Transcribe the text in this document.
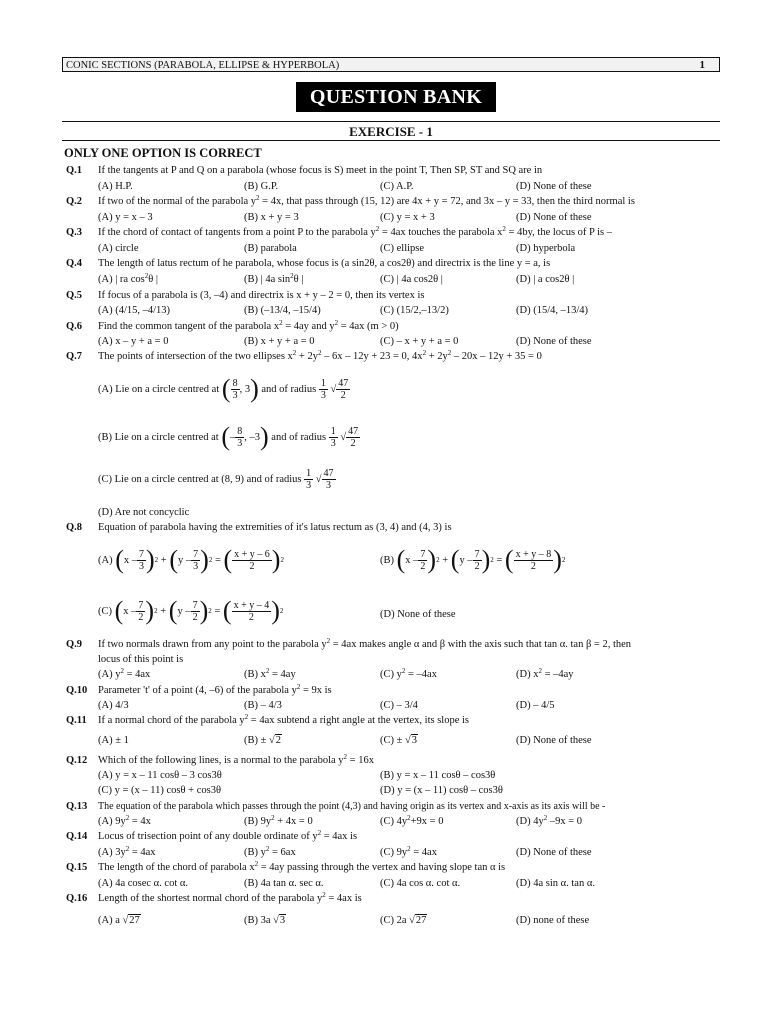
CONIC SECTIONS (PARABOLA, ELLIPSE & HYPERBOLA)	1
QUESTION BANK
EXERCISE - 1
ONLY ONE OPTION IS CORRECT
Q.1 If the tangents at P and Q on a parabola (whose focus is S) meet in the point T, Then SP, ST and SQ are in
(A) H.P.	(B) G.P.	(C) A.P.	(D) None of these
Q.2 If two of the normal of the parabola $y^2 = 4x$, that pass through (15, 12) are 4x + y = 72, and 3x – y = 33, then the third normal is
(A) y = x – 3	(B) x + y = 3	(C) y = x + 3	(D) None of these
Q.3 If the chord of contact of tangents from a point P to the parabola $y^2 = 4ax$ touches the parabola $x^2 = 4by$, the locus of P is –
(A) circle	(B) parabola	(C) ellipse	(D) hyperbola
Q.4 The length of latus rectum of he parabola, whose focus is (a sin2θ, a cos2θ) and directrix is the line y = a, is
(A) | ra $\cos^2\theta$ |	(B) | 4a $\sin^2\theta$ |	(C) | 4a cos2θ |	(D) | a cos2θ |
Q.5 If focus of a parabola is (3, –4) and directrix is x + y – 2 = 0, then its vertex is
(A) (4/15, –4/13)	(B) (–13/4, –15/4)	(C) (15/2,–13/2)	(D) (15/4, –13/4)
Q.6 Find the common tangent of the parabola $x^2 = 4ay$ and $y^2 = 4ax$ (m > 0)
(A) x – y + a = 0	(B) x + y + a = 0	(C) – x + y + a = 0	(D) None of these
Q.7 The points of intersection of the two ellipses $x^2 + 2y^2 - 6x - 12y + 23 = 0$, $4x^2 + 2y^2 - 20x - 12y + 35 = 0$
(A) Lie on a circle centred at
( $\frac{8}{3}$ , 3 )
and of radius
$\frac{1}{3}$ √ $\frac{47}{2}$
(B) Lie on a circle centred at
( – $\frac{8}{3}$ , –3 )
and of radius
$\frac{1}{3}$ √ $\frac{47}{2}$
(C) Lie on a circle centred at (8, 9) and of radius
$\frac{1}{3}$ √ $\frac{47}{3}$
(D) Are not concyclic
Q.8 Equation of parabola having the extremities of it's latus rectum as (3, 4) and (4, 3) is
(A) ( x – $\frac{7}{3}$ ) 2 + ( y – $\frac{7}{3}$ ) 2 = ( $\frac{x + y - 6}{2}$ ) 2	(B) ( x – $\frac{7}{2}$ ) 2 + ( y – $\frac{7}{2}$ ) 2 = ( $\frac{x + y - 8}{2}$ ) 2
(C) ( x – $\frac{7}{2}$ ) 2 + ( y – $\frac{7}{2}$ ) 2 = ( $\frac{x + y - 4}{2}$ ) 2	(D) None of these
Q.9 If two normals drawn from any point to the parabola $y^2 = 4ax$ makes angle α and β with the axis such that tan α. tan β = 2, then
locus of this point is
(A) $y^2 = 4ax$	(B) $x^2 = 4ay$	(C) $y^2 = -4ax$	(D) $x^2 = -4ay$
Q.10 Parameter 't' of a point (4, –6) of the parabola $y^2 = 9x$ is
(A) 4/3	(B) – 4/3	(C) – 3/4	(D) – 4/5
Q.11 If a normal chord of the parabola $y^2 = 4ax$ subtend a right angle at the vertex, its slope is
(A) ± 1	(B) ± √2	(C) ± √3	(D) None of these
Q.12 Which of the following lines, is a normal to the parabola $y^2 = 16x$
(A) y = x – 11 cosθ – 3 cos3θ	(B) y = x – 11 cosθ – cos3θ
(C) y = (x – 11) cosθ + cos3θ	(D) y = (x – 11) cosθ – cos3θ
Q.13 The equation of the parabola which passes through the point (4,3) and having origin as its vertex and x-axis as its axis will be -
(A) $9y^2 = 4x$	(B) $9y^2 + 4x = 0$	(C) $4y^2+9x = 0$	(D) $4y^2$ –9x = 0
Q.14 Locus of trisection point of any double ordinate of $y^2 = 4ax$ is
(A) $3y^2 = 4ax$	(B) $y^2 = 6ax$	(C) $9y^2 = 4ax$	(D) None of these
Q.15 The length of the chord of parabola $x^2 = 4ay$ passing through the vertex and having slope tan α is
(A) 4a cosec α. cot α.	(B) 4a tan α. sec α.	(C) 4a cos α. cot α.	(D) 4a sin α. tan α.
Q.16 Length of the shortest normal chord of the parabola $y^2 = 4ax$ is
(A) a √27	(B) 3a √3	(C) 2a √27	(D) none of these
